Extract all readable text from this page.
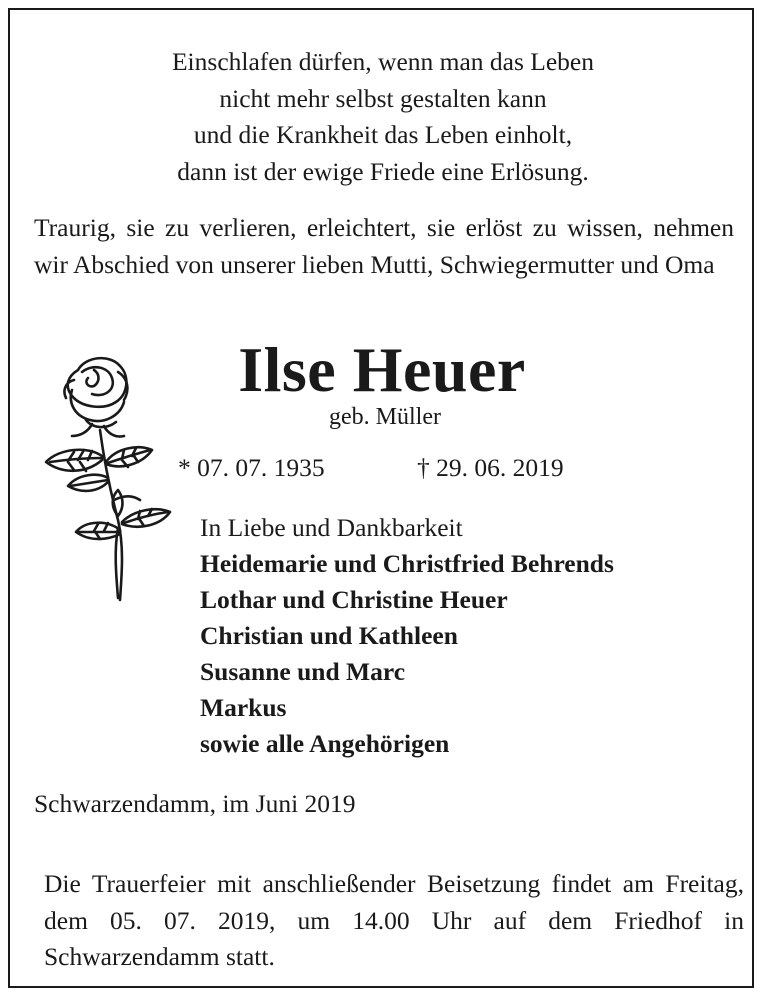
Einschlafen dürfen, wenn man das Leben
nicht mehr selbst gestalten kann
und die Krankheit das Leben einholt,
dann ist der ewige Friede eine Erlösung.
Traurig, sie zu verlieren, erleichtert, sie erlöst zu wissen, nehmen wir Abschied von unserer lieben Mutti, Schwiegermutter und Oma
Die Trauerfeier mit anschließender Beisetzung findet am Freitag, dem 05. 07. 2019, um 14.00 Uhr auf dem Friedhof in Schwarzendamm statt.
Ilse Heuer
geb. Müller
* 07. 07. 1935	† 29. 06. 2019
In Liebe und Dankbarkeit
Heidemarie und Christfried Behrends
Lothar und Christine Heuer
Christian und Kathleen
Susanne und Marc
Markus
sowie alle Angehörigen
Schwarzendamm, im Juni 2019
